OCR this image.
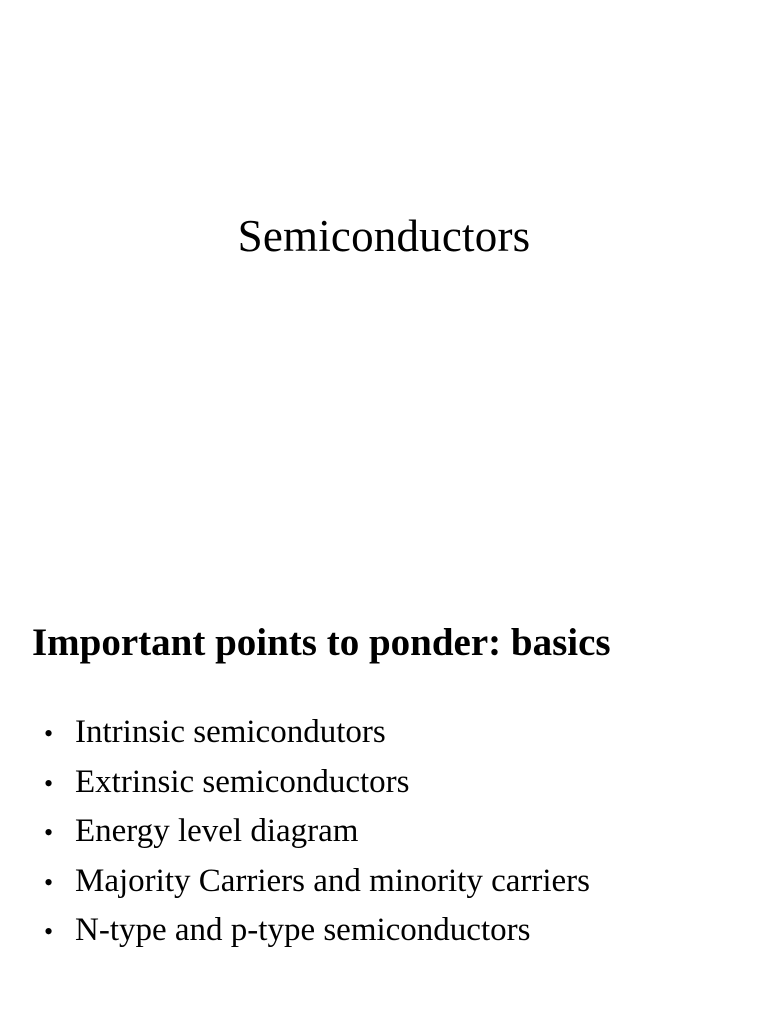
Semiconductors
Important points to ponder: basics
• Intrinsic semicondutors
• Extrinsic semiconductors
• Energy level diagram
• Majority Carriers and minority carriers
• N-type and p-type semiconductors
